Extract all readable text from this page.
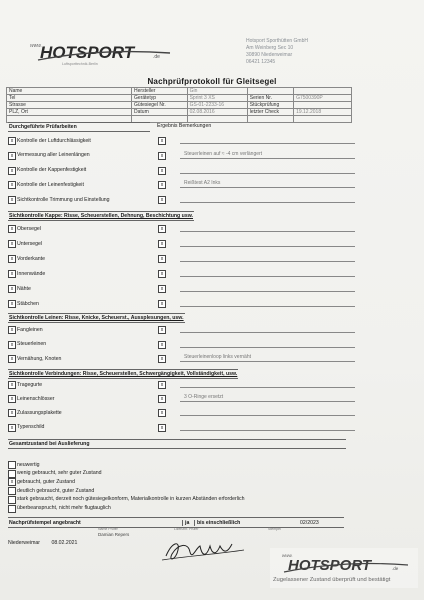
www.
HOTSPORT	.de
Luftsporttechnik-Berlin
Hotsport Sporthütten GmbH
Am Weinberg Sec 10
30890 Niederweimar
06421 12345
Nachprüfprotokoll für Gleitsegel
Name	Hersteller	Gin		
Tel	Gerätetyp	Sprint 3 XS	Serien Nr.	G7500390P
Strasse	Gütesiegel Nr.	GS-01-2233-16	Stückprüfung	
PLZ, Ort	Datum	02.08.2016	letzter Check	19.12.2018

Durchgeführte Prüfarbeiten	Ergebnis Bemerkungen
x Kontrolle der Luftdurchlässigkeit	x
x Vermessung aller Leinenlängen	x	Steuerleinen auf ≈ -4 cm verlängert
x Kontrolle der Kappenfestigkeit	x
x Kontrolle der Leinenfestigkeit	x	Reißtest A2 Inks
x Sichtkontrolle Trimmung und Einstellung	x
Sichtkontrolle Kappe: Risse, Scheuerstellen, Dehnung, Beschichtung usw.
x Obersegel	x
x Untersegel	x
x Vorderkante	x
x Innenwände	x
x Nähte	x
x Stäbchen	x
Sichtkontrolle Leinen: Risse, Knicke, Scheuerst., Aussplesungen, usw.
x Fangleinen	x
x Steuerleinen	x
x Vernähung, Knoten	x	Steuerleinenloop links vernäht
Sichtkontrolle Verbindungen: Risse, Scheuerstellen, Schwergängigkeit, Vollständigkeit, usw.
x Tragegurte	x
x Leinenschlösser	x	3 O-Ringe ersetzt
x Zulassungsplakette	x
x Typenschild	x
Gesamtzustand bei Auslieferung
neuwertig
wenig gebraucht, sehr guter Zustand
x gebraucht, guter Zustand
deutlich gebraucht, guter Zustand
stark gebraucht, derzeit noch gütesiegelkonform, Materialkontrolle in kurzen Abständen erforderlich
überbeansprucht, nicht mehr flugtauglich
Nachprüfstempel angebracht	ja	bis einschließlich	02/2023
Name Prüfer	Lizenznr. Prüfer	Stempel
Damian Repers
Niederweimar 08.02.2021
www.
HOTSPORT	.de
Zugelassener Zustand überprüft und bestätigt
